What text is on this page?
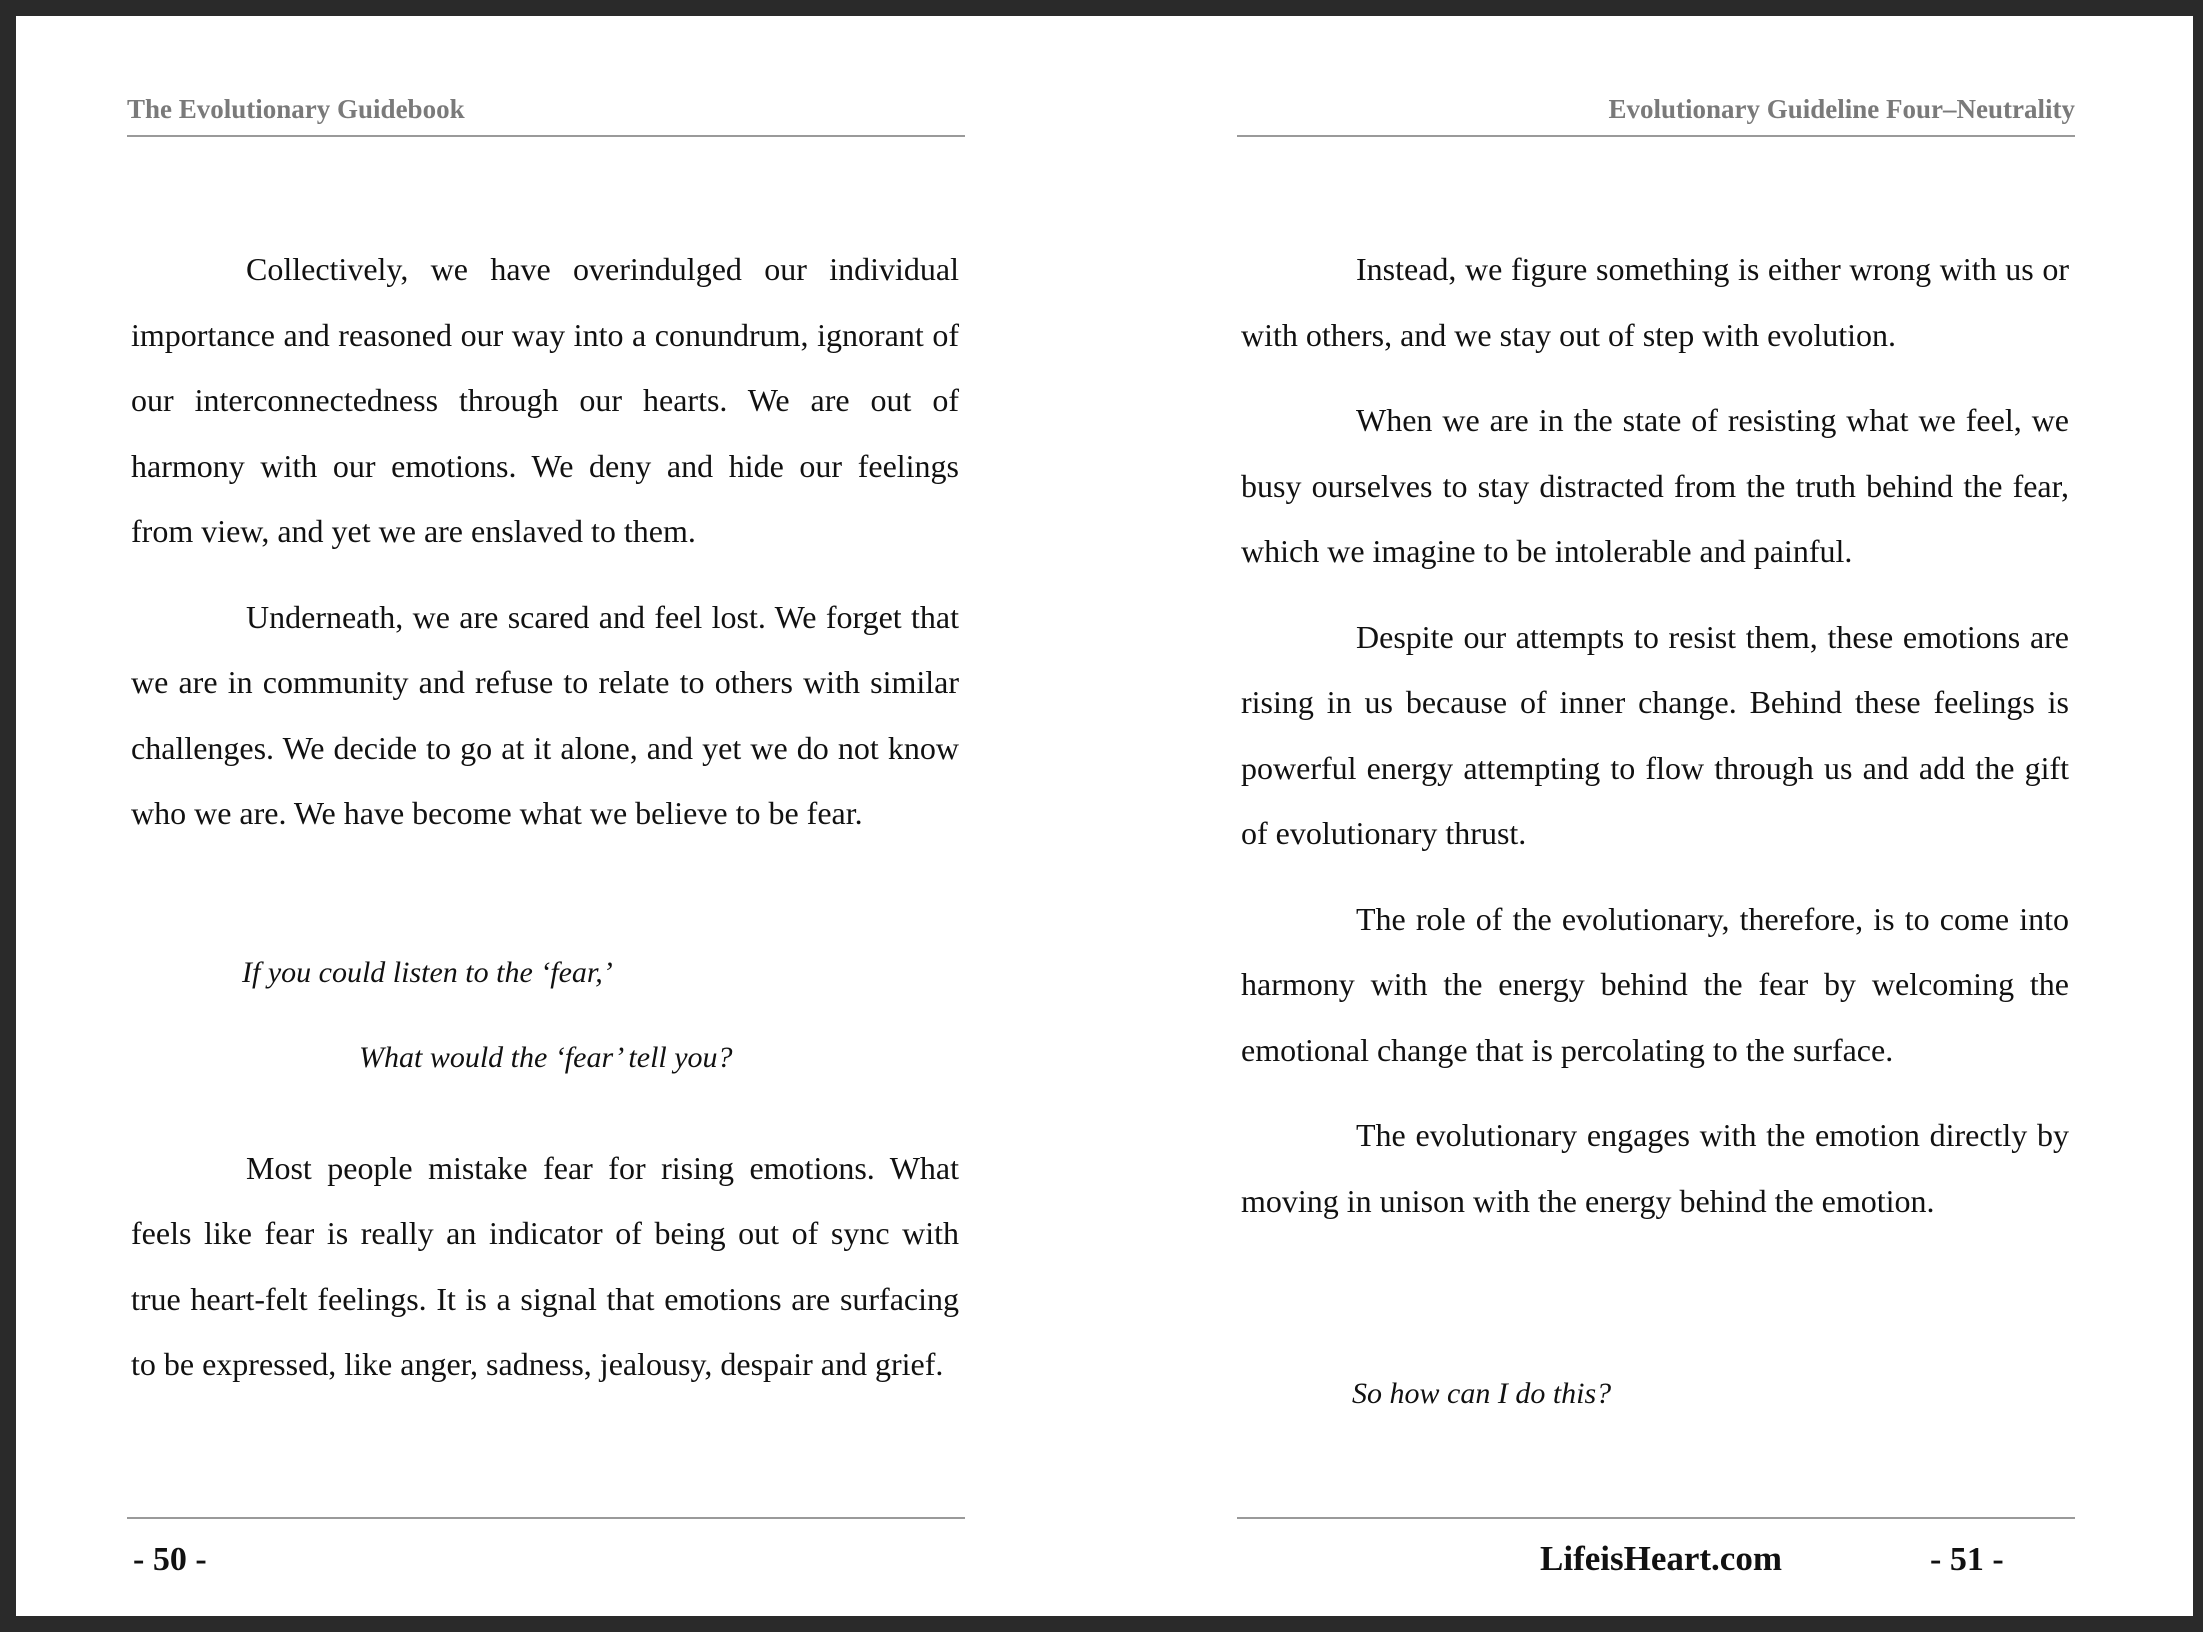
The Evolutionary Guidebook

Collectively, we have overindulged our individual importance and reasoned our way into a conundrum, ignorant of our interconnectedness through our hearts. We are out of harmony with our emotions. We deny and hide our feelings from view, and yet we are enslaved to them.

Underneath, we are scared and feel lost. We forget that we are in community and refuse to relate to others with similar challenges. We decide to go at it alone, and yet we do not know who we are. We have become what we believe to be fear.

If you could listen to the ‘fear,’
What would the ‘fear’ tell you?

Most people mistake fear for rising emotions. What feels like fear is really an indicator of being out of sync with true heart-felt feelings. It is a signal that emotions are surfacing to be expressed, like anger, sadness, jealousy, despair and grief.

- 50 -
Evolutionary Guideline Four–Neutrality

Instead, we figure something is either wrong with us or with others, and we stay out of step with evolution.

When we are in the state of resisting what we feel, we busy ourselves to stay distracted from the truth behind the fear, which we imagine to be intolerable and painful.

Despite our attempts to resist them, these emotions are rising in us because of inner change. Behind these feelings is powerful energy attempting to flow through us and add the gift of evolutionary thrust.

The role of the evolutionary, therefore, is to come into harmony with the energy behind the fear by welcoming the emotional change that is percolating to the surface.

The evolutionary engages with the emotion directly by moving in unison with the energy behind the emotion.

So how can I do this?
LifeisHeart.com	- 51 -
